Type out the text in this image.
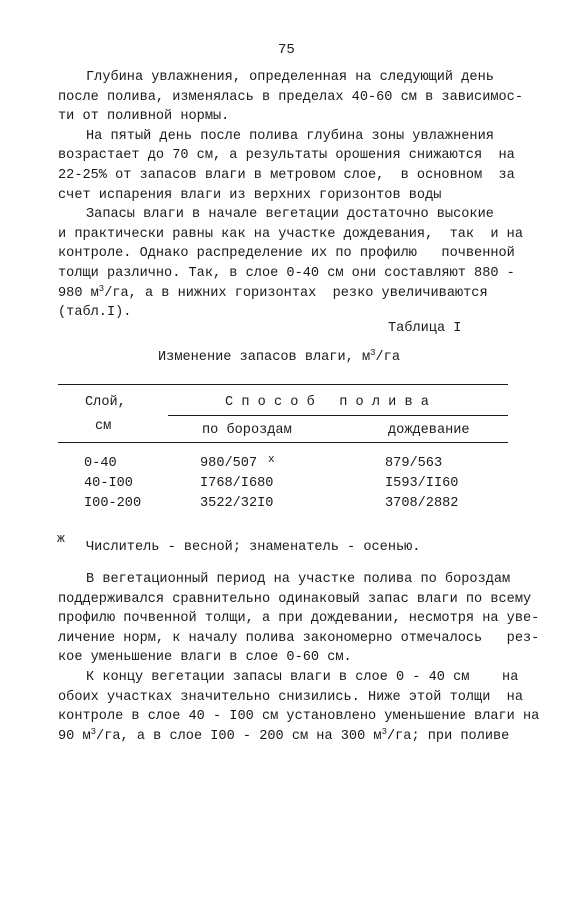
75
Глубина увлажнения, определенная на следующий день
после полива, изменялась в пределах 40-60 см в зависимос-
ти от поливной нормы.
На пятый день после полива глубина зоны увлажнения
возрастает до 70 см, а результаты орошения снижаются  на
22-25% от запасов влаги в метровом слое,  в основном  за
счет испарения влаги из верхних горизонтов воды
Запасы влаги в начале вегетации достаточно высокие
и практически равны как на участке дождевания,  так  и на
контроле. Однако распределение их по профилю   почвенной
толщи различно. Так, в слое 0-40 см они составляют 880 -
980 $м^3/га$, а в нижних горизонтах  резко увеличиваются
(табл.I).
Таблица I
Изменение запасов влаги, $м^3/га$
Слой,
см
С п о с о б   п о л и в а
по бороздам	дождевание
0-40	980/507	879/563
40-I00	I768/I680	I593/II60
I00-200	3522/32I0	3708/2882
x
ж
Числитель - весной; знаменатель - осенью.
В вегетационный период на участке полива по бороздам
поддерживался сравнительно одинаковый запас влаги по всему
профилю почвенной толщи, а при дождевании, несмотря на уве-
личение норм, к началу полива закономерно отмечалось   рез-
кое уменьшение влаги в слое 0-60 см.
К концу вегетации запасы влаги в слое 0 - 40 см    на
обоих участках значительно снизились. Ниже этой толщи  на
контроле в слое 40 - I00 см установлено уменьшение влаги на
90 $м^3/га$, а в слое I00 - 200 см на 300 $м^3/га$; при поливе
